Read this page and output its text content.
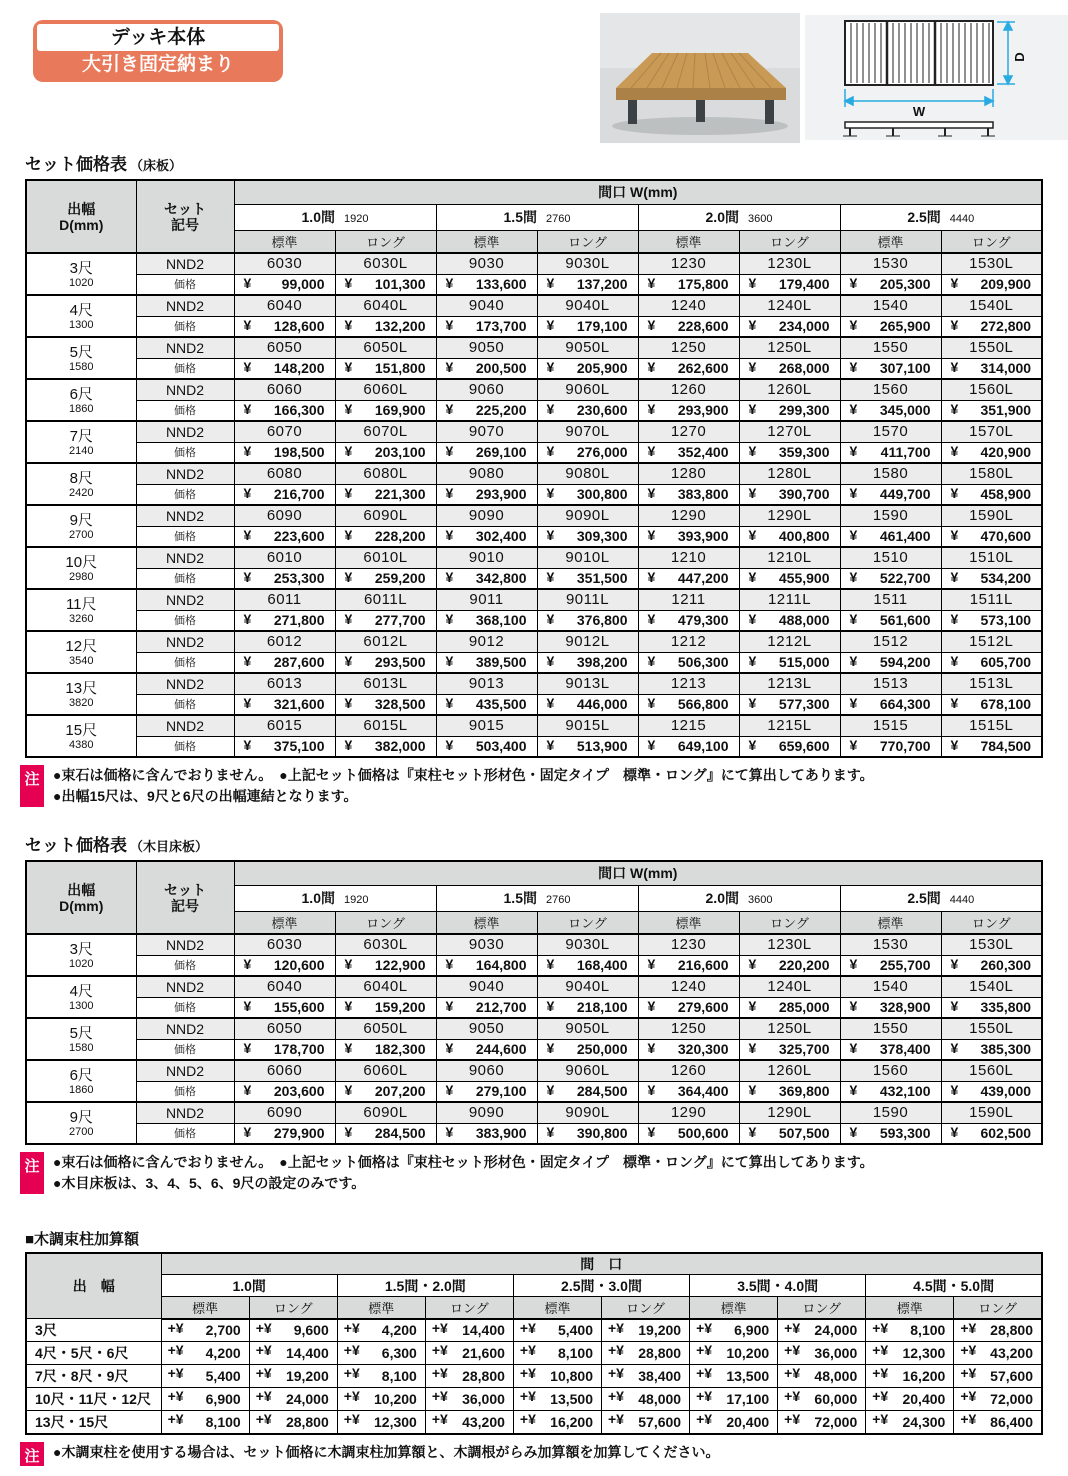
デッキ本体
大引き固定納まり	D
W
セット価格表 （床板）
出幅
D(mm)	セット
記号	間口 W(mm)							
		1.0間 1920		1.5間 2760		2.0間 3600		2.5間 4440	
		標準	ロング	標準	ロング	標準	ロング	標準	ロング

3尺
1020	NND2	6030	6030L	9030	9030L	1230	1230L	1530	1530L
	価格	¥ 99,000	¥ 101,300	¥ 133,600	¥ 137,200	¥ 175,800	¥ 179,400	¥ 205,300	¥ 209,900

4尺
1300	NND2	6040	6040L	9040	9040L	1240	1240L	1540	1540L
	価格	¥ 128,600	¥ 132,200	¥ 173,700	¥ 179,100	¥ 228,600	¥ 234,000	¥ 265,900	¥ 272,800

5尺
1580	NND2	6050	6050L	9050	9050L	1250	1250L	1550	1550L
	価格	¥ 148,200	¥ 151,800	¥ 200,500	¥ 205,900	¥ 262,600	¥ 268,000	¥ 307,100	¥ 314,000

6尺
1860	NND2	6060	6060L	9060	9060L	1260	1260L	1560	1560L
	価格	¥ 166,300	¥ 169,900	¥ 225,200	¥ 230,600	¥ 293,900	¥ 299,300	¥ 345,000	¥ 351,900

7尺
2140	NND2	6070	6070L	9070	9070L	1270	1270L	1570	1570L
	価格	¥ 198,500	¥ 203,100	¥ 269,100	¥ 276,000	¥ 352,400	¥ 359,300	¥ 411,700	¥ 420,900

8尺
2420	NND2	6080	6080L	9080	9080L	1280	1280L	1580	1580L
	価格	¥ 216,700	¥ 221,300	¥ 293,900	¥ 300,800	¥ 383,800	¥ 390,700	¥ 449,700	¥ 458,900

9尺
2700	NND2	6090	6090L	9090	9090L	1290	1290L	1590	1590L
	価格	¥ 223,600	¥ 228,200	¥ 302,400	¥ 309,300	¥ 393,900	¥ 400,800	¥ 461,400	¥ 470,600

10尺
2980	NND2	6010	6010L	9010	9010L	1210	1210L	1510	1510L
	価格	¥ 253,300	¥ 259,200	¥ 342,800	¥ 351,500	¥ 447,200	¥ 455,900	¥ 522,700	¥ 534,200

11尺
3260	NND2	6011	6011L	9011	9011L	1211	1211L	1511	1511L
	価格	¥ 271,800	¥ 277,700	¥ 368,100	¥ 376,800	¥ 479,300	¥ 488,000	¥ 561,600	¥ 573,100

12尺
3540	NND2	6012	6012L	9012	9012L	1212	1212L	1512	1512L
	価格	¥ 287,600	¥ 293,500	¥ 389,500	¥ 398,200	¥ 506,300	¥ 515,000	¥ 594,200	¥ 605,700

13尺
3820	NND2	6013	6013L	9013	9013L	1213	1213L	1513	1513L
	価格	¥ 321,600	¥ 328,500	¥ 435,500	¥ 446,000	¥ 566,800	¥ 577,300	¥ 664,300	¥ 678,100

15尺
4380	NND2	6015	6015L	9015	9015L	1215	1215L	1515	1515L
	価格	¥ 375,100	¥ 382,000	¥ 503,400	¥ 513,900	¥ 649,100	¥ 659,600	¥ 770,700	¥ 784,500
注 ●束石は価格に含んでおりません。　●上記セット価格は『束柱セット形材色・固定タイプ　標準・ロング』にて算出してあります。
●出幅15尺は、9尺と6尺の出幅連結となります。
セット価格表 （木目床板）
出幅
D(mm)	セット
記号	間口 W(mm)							
		1.0間 1920		1.5間 2760		2.0間 3600		2.5間 4440	
		標準	ロング	標準	ロング	標準	ロング	標準	ロング

3尺
1020	NND2	6030	6030L	9030	9030L	1230	1230L	1530	1530L
	価格	¥ 120,600	¥ 122,900	¥ 164,800	¥ 168,400	¥ 216,600	¥ 220,200	¥ 255,700	¥ 260,300

4尺
1300	NND2	6040	6040L	9040	9040L	1240	1240L	1540	1540L
	価格	¥ 155,600	¥ 159,200	¥ 212,700	¥ 218,100	¥ 279,600	¥ 285,000	¥ 328,900	¥ 335,800

5尺
1580	NND2	6050	6050L	9050	9050L	1250	1250L	1550	1550L
	価格	¥ 178,700	¥ 182,300	¥ 244,600	¥ 250,000	¥ 320,300	¥ 325,700	¥ 378,400	¥ 385,300

6尺
1860	NND2	6060	6060L	9060	9060L	1260	1260L	1560	1560L
	価格	¥ 203,600	¥ 207,200	¥ 279,100	¥ 284,500	¥ 364,400	¥ 369,800	¥ 432,100	¥ 439,000

9尺
2700	NND2	6090	6090L	9090	9090L	1290	1290L	1590	1590L
	価格	¥ 279,900	¥ 284,500	¥ 383,900	¥ 390,800	¥ 500,600	¥ 507,500	¥ 593,300	¥ 602,500
注 ●束石は価格に含んでおりません。　●上記セット価格は『束柱セット形材色・固定タイプ　標準・ロング』にて算出してあります。
●木目床板は、3、4、5、6、9尺の設定のみです。
■木調束柱加算額
出　幅	間　口									
	1.0間		1.5間・2.0間		2.5間・3.0間		3.5間・4.0間		4.5間・5.0間	
	標準	ロング	標準	ロング	標準	ロング	標準	ロング	標準	ロング
3尺	+¥ 2,700	+¥ 9,600	+¥ 4,200	+¥ 14,400	+¥ 5,400	+¥ 19,200	+¥ 6,900	+¥ 24,000	+¥ 8,100	+¥ 28,800
4尺・5尺・6尺	+¥ 4,200	+¥ 14,400	+¥ 6,300	+¥ 21,600	+¥ 8,100	+¥ 28,800	+¥ 10,200	+¥ 36,000	+¥ 12,300	+¥ 43,200
7尺・8尺・9尺	+¥ 5,400	+¥ 19,200	+¥ 8,100	+¥ 28,800	+¥ 10,800	+¥ 38,400	+¥ 13,500	+¥ 48,000	+¥ 16,200	+¥ 57,600
10尺・11尺・12尺	+¥ 6,900	+¥ 24,000	+¥ 10,200	+¥ 36,000	+¥ 13,500	+¥ 48,000	+¥ 17,100	+¥ 60,000	+¥ 20,400	+¥ 72,000
13尺・15尺	+¥ 8,100	+¥ 28,800	+¥ 12,300	+¥ 43,200	+¥ 16,200	+¥ 57,600	+¥ 20,400	+¥ 72,000	+¥ 24,300	+¥ 86,400
注 ●木調束柱を使用する場合は、セット価格に木調束柱加算額と、木調根がらみ加算額を加算してください。
